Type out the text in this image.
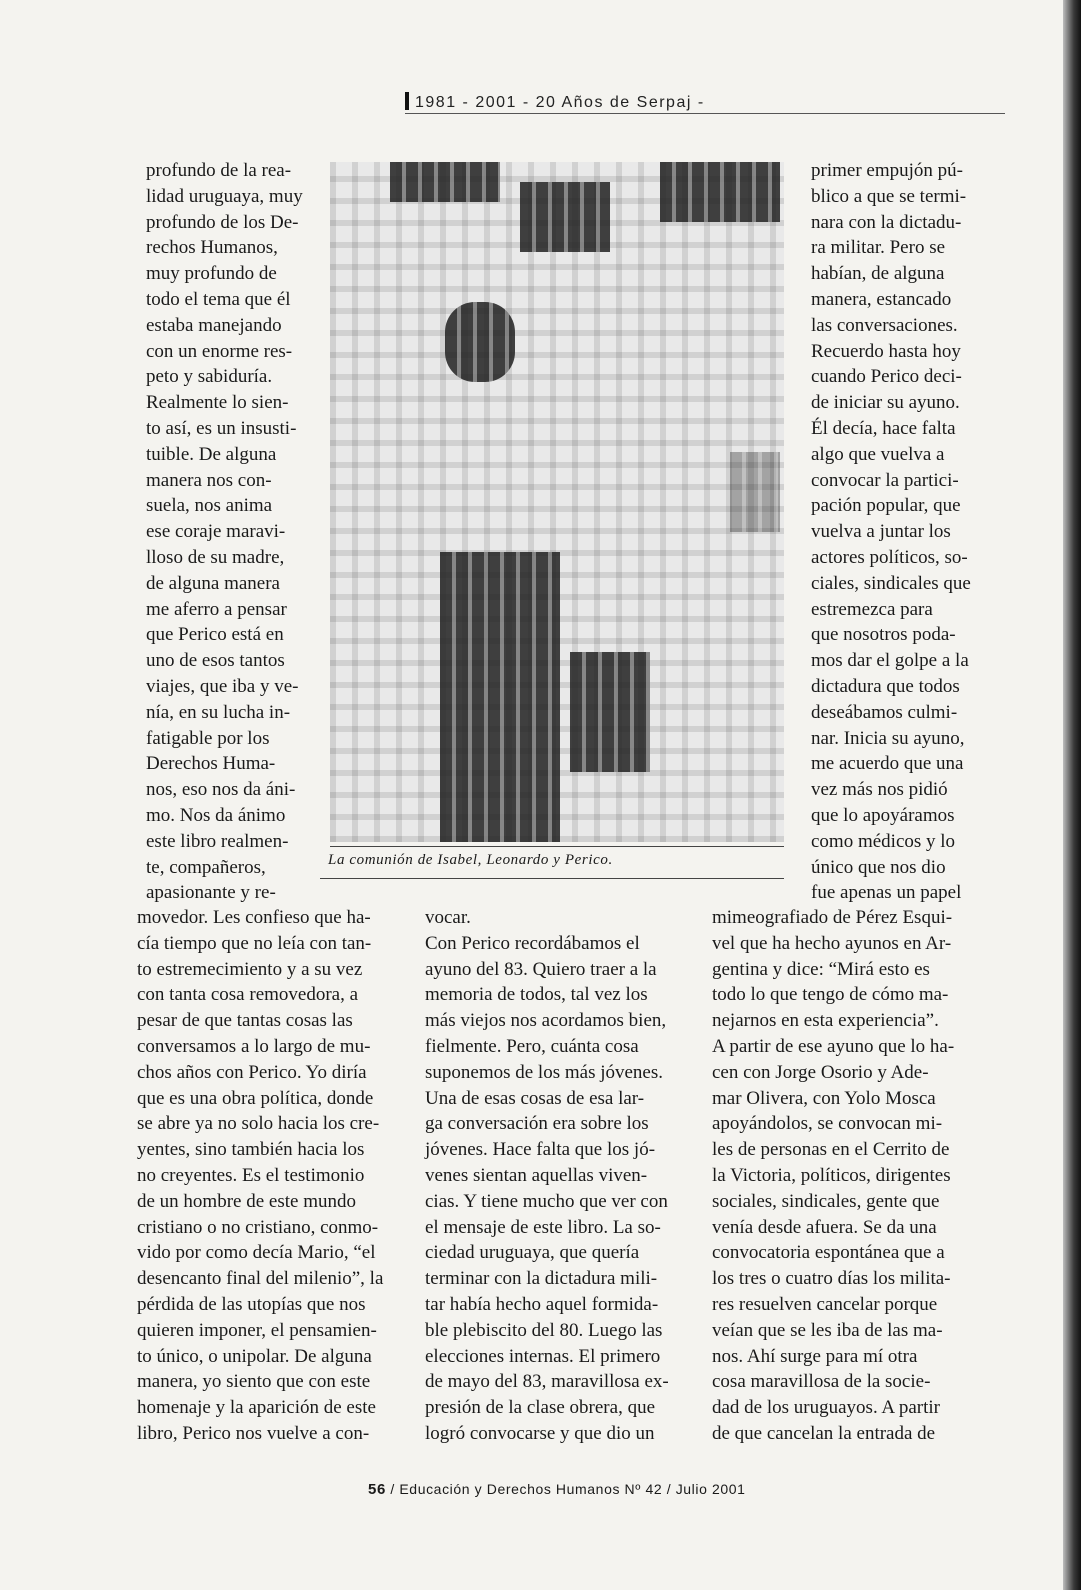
1981 - 2001 - 20 Años de Serpaj -
profundo de la rea-
lidad uruguaya, muy
profundo de los De-
rechos Humanos,
muy profundo de
todo el tema que él
estaba manejando
con un enorme res-
peto y sabiduría.
Realmente lo sien-
to así, es un insusti-
tuible. De alguna
manera nos con-
suela, nos anima
ese coraje maravi-
lloso de su madre,
de alguna manera
me aferro a pensar
que Perico está en
uno de esos tantos
viajes, que iba y ve-
nía, en su lucha in-
fatigable por los
Derechos Huma-
nos, eso nos da áni-
mo. Nos da ánimo
este libro realmen-
te, compañeros,
apasionante y re-
La comunión de Isabel, Leonardo y Perico.
primer empujón pú-
blico a que se termi-
nara con la dictadu-
ra militar. Pero se
habían, de alguna
manera, estancado
las conversaciones.
Recuerdo hasta hoy
cuando Perico deci-
de iniciar su ayuno.
Él decía, hace falta
algo que vuelva a
convocar la partici-
pación popular, que
vuelva a juntar los
actores políticos, so-
ciales, sindicales que
estremezca para
que nosotros poda-
mos dar el golpe a la
dictadura que todos
deseábamos culmi-
nar. Inicia su ayuno,
me acuerdo que una
vez más nos pidió
que lo apoyáramos
como médicos y lo
único que nos dio
fue apenas un papel
movedor. Les confieso que ha-
cía tiempo que no leía con tan-
to estremecimiento y a su vez
con tanta cosa removedora, a
pesar de que tantas cosas las
conversamos a lo largo de mu-
chos años con Perico. Yo diría
que es una obra política, donde
se abre ya no solo hacia los cre-
yentes, sino también hacia los
no creyentes. Es el testimonio
de un hombre de este mundo
cristiano o no cristiano, conmo-
vido por como decía Mario, “el
desencanto final del milenio”, la
pérdida de las utopías que nos
quieren imponer, el pensamien-
to único, o unipolar. De alguna
manera, yo siento que con este
homenaje y la aparición de este
libro, Perico nos vuelve a con-
vocar.
Con Perico recordábamos el
ayuno del 83. Quiero traer a la
memoria de todos, tal vez los
más viejos nos acordamos bien,
fielmente. Pero, cuánta cosa
suponemos de los más jóvenes.
Una de esas cosas de esa lar-
ga conversación era sobre los
jóvenes. Hace falta que los jó-
venes sientan aquellas viven-
cias. Y tiene mucho que ver con
el mensaje de este libro. La so-
ciedad uruguaya, que quería
terminar con la dictadura mili-
tar había hecho aquel formida-
ble plebiscito del 80. Luego las
elecciones internas. El primero
de mayo del 83, maravillosa ex-
presión de la clase obrera, que
logró convocarse y que dio un
mimeografiado de Pérez Esqui-
vel que ha hecho ayunos en Ar-
gentina y dice: “Mirá esto es
todo lo que tengo de cómo ma-
nejarnos en esta experiencia”.
A partir de ese ayuno que lo ha-
cen con Jorge Osorio y Ade-
mar Olivera, con Yolo Mosca
apoyándolos, se convocan mi-
les de personas en el Cerrito de
la Victoria, políticos, dirigentes
sociales, sindicales, gente que
venía desde afuera. Se da una
convocatoria espontánea que a
los tres o cuatro días los milita-
res resuelven cancelar porque
veían que se les iba de las ma-
nos. Ahí surge para mí otra
cosa maravillosa de la socie-
dad de los uruguayos. A partir
de que cancelan la entrada de
56 / Educación y Derechos Humanos Nº 42 / Julio 2001
